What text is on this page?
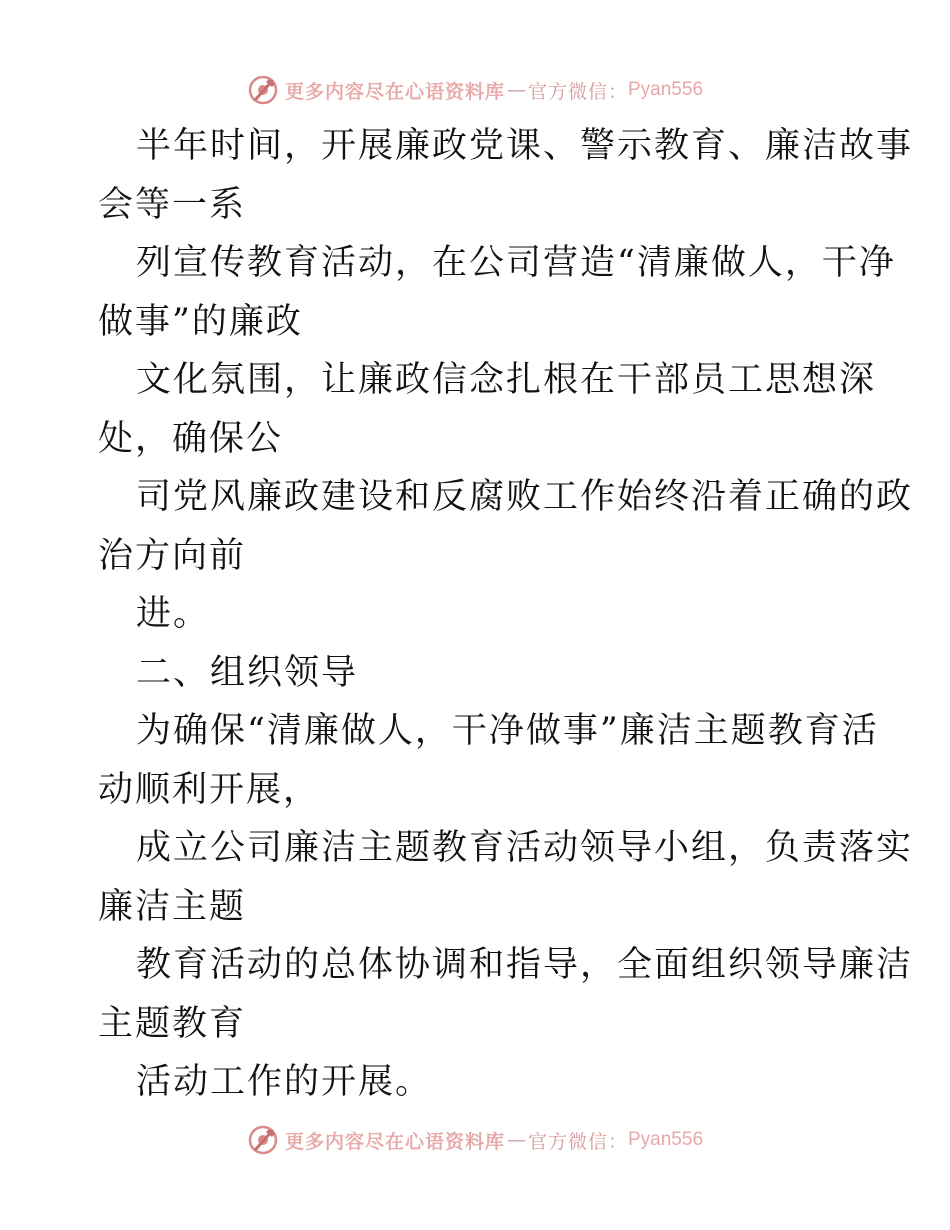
更多内容尽在心语资料库 — 官方微信： Pyan556
半年时间，开展廉政党课、警示教育、廉洁故事
会等一系
列宣传教育活动，在公司营造“清廉做人，干净
做事”的廉政
文化氛围，让廉政信念扎根在干部员工思想深
处，确保公
司党风廉政建设和反腐败工作始终沿着正确的政
治方向前
进。
二、组织领导
为确保“清廉做人，干净做事”廉洁主题教育活
动顺利开展，
成立公司廉洁主题教育活动领导小组，负责落实
廉洁主题
教育活动的总体协调和指导，全面组织领导廉洁
主题教育
活动工作的开展。
更多内容尽在心语资料库 — 官方微信： Pyan556
